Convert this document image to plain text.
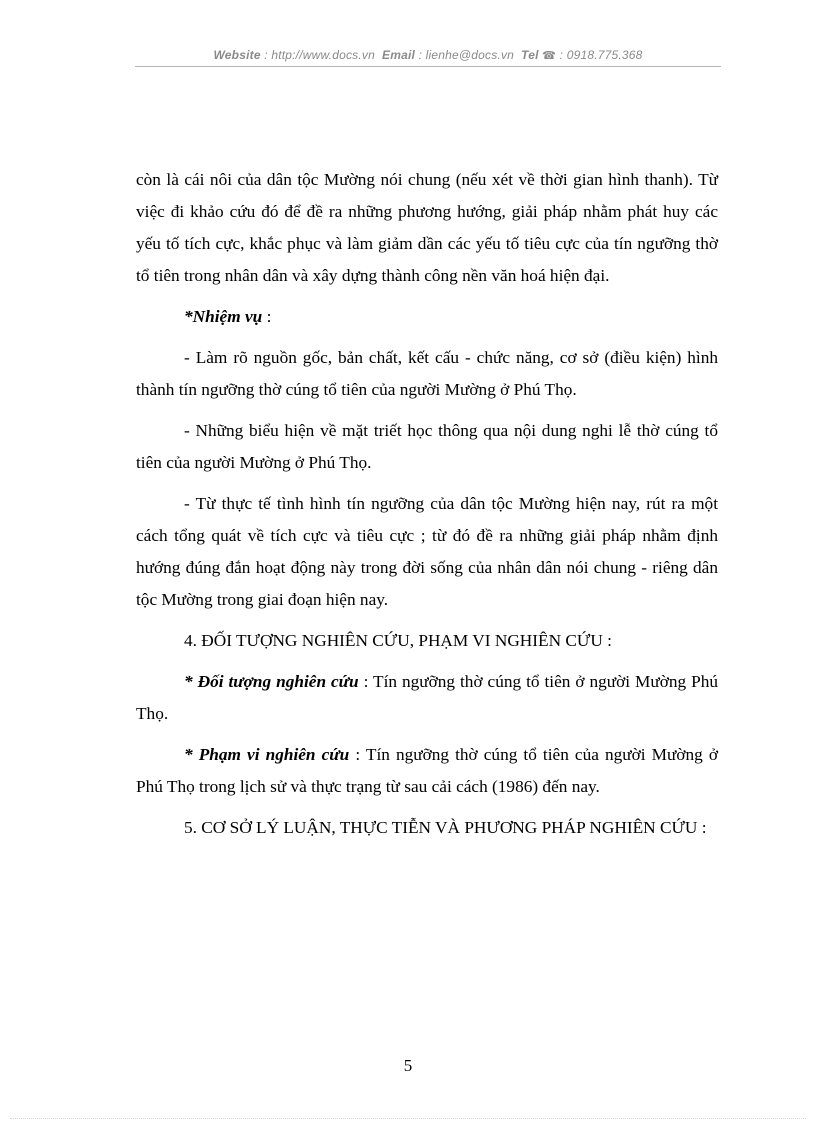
Website : http://www.docs.vn Email : lienhe@docs.vn Tel ☎ : 0918.775.368

còn là cái nôi của dân tộc Mường nói chung (nếu xét về thời gian hình thanh). Từ việc đi khảo cứu đó để đề ra những phương hướng, giải pháp nhằm phát huy các yếu tố tích cực, khắc phục và làm giảm dần các yếu tố tiêu cực của tín ngưỡng thờ tổ tiên trong nhân dân và xây dựng thành công nền văn hoá hiện đại.

*Nhiệm vụ :

- Làm rõ nguồn gốc, bản chất, kết cấu - chức năng, cơ sở (điều kiện) hình thành tín ngưỡng thờ cúng tổ tiên của người Mường ở Phú Thọ.

- Những biểu hiện về mặt triết học thông qua nội dung nghi lễ thờ cúng tổ tiên của người Mường ở Phú Thọ.

- Từ thực tế tình hình tín ngưỡng của dân tộc Mường hiện nay, rút ra một cách tổng quát về tích cực và tiêu cực ; từ đó đề ra những giải pháp nhằm định hướng đúng đắn hoạt động này trong đời sống của nhân dân nói chung - riêng dân tộc Mường trong giai đoạn hiện nay.

4. ĐỐI TƯỢNG NGHIÊN CỨU, PHẠM VI NGHIÊN CỨU :

* Đối tượng nghiên cứu : Tín ngưỡng thờ cúng tổ tiên ở người Mường Phú Thọ.

* Phạm vi nghiên cứu : Tín ngưỡng thờ cúng tổ tiên của người Mường ở Phú Thọ trong lịch sử và thực trạng từ sau cải cách (1986) đến nay.

5. CƠ SỞ LÝ LUẬN, THỰC TIỄN VÀ PHƯƠNG PHÁP NGHIÊN CỨU :

5
